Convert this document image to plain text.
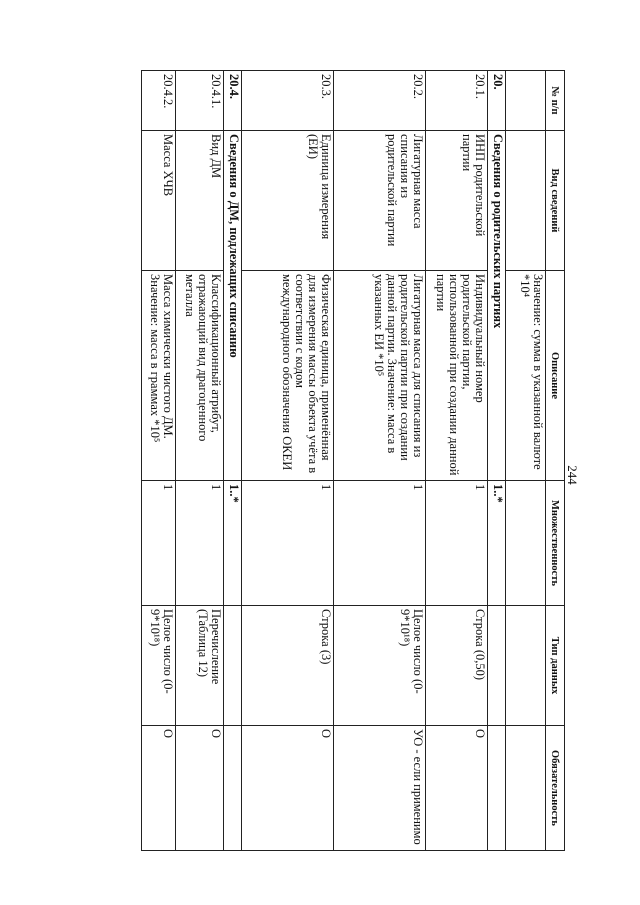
244
№ п/п	Вид сведений	Описание	Множественность	Тип данных	Обязательность
		Значение: сумма в указанной валюте *10⁴			
20.	Сведения о родительских партиях		1..*		
20.1.	ИНП родительской партии	Индивидуальный номер родительской партии, использованной при создании данной партии	1	Строка (0,50)	О
20.2.	Лигатурная масса списания из родительской партии	Лигатурная масса для списания из родительской партии при создании данной партии. Значение: масса в указанных ЕИ *10⁵	1	Целое число (0-9*10¹⁸)	УО - если применимо
20.3.	Единица измерения (ЕИ)	Физическая единица, применённая для измерения массы объекта учёта в соответствии с кодом международного обозначения ОКЕИ	1	Строка (3)	О
20.4.	Сведения о ДМ, подлежащих списанию		1..*		
20.4.1.	Вид ДМ	Классификационный атрибут, отражающий вид драгоценного металла	1	Перечисление (Таблица 12)	О
20.4.2.	Масса ХЧВ	Масса химически чистого ДМ. Значение: масса в граммах *10⁵	1	Целое число (0-9*10¹⁸)	О
